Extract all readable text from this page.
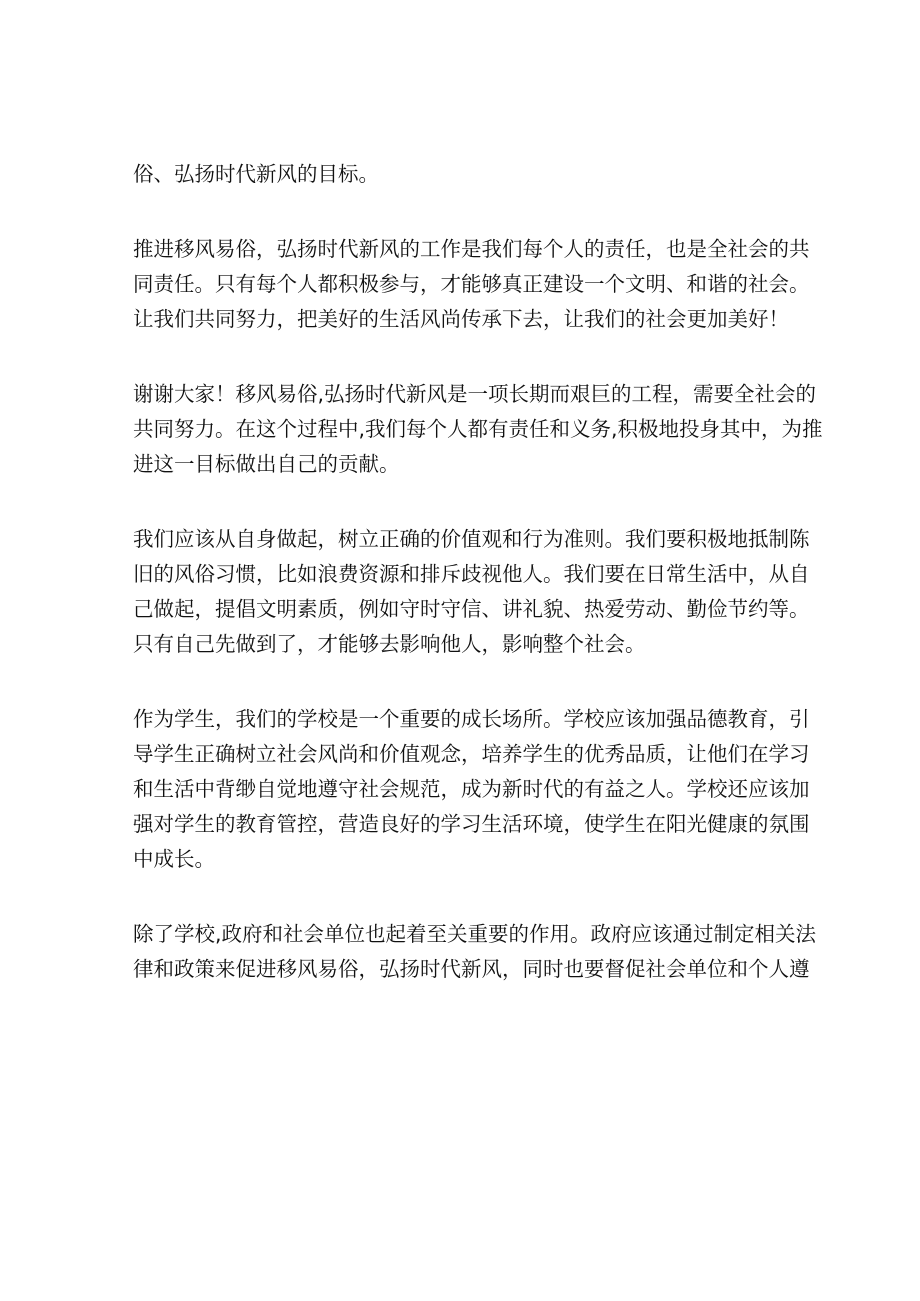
俗、弘扬时代新风的目标。
推进移风易俗，弘扬时代新风的工作是我们每个人的责任，也是全社会的共
同责任。只有每个人都积极参与，才能够真正建设一个文明、和谐的社会。
让我们共同努力，把美好的生活风尚传承下去，让我们的社会更加美好！
谢谢大家！移风易俗,弘扬时代新风是一项长期而艰巨的工程，需要全社会的
共同努力。在这个过程中,我们每个人都有责任和义务,积极地投身其中，为推
进这一目标做出自己的贡献。
我们应该从自身做起，树立正确的价值观和行为准则。我们要积极地抵制陈
旧的风俗习惯，比如浪费资源和排斥歧视他人。我们要在日常生活中，从自
己做起，提倡文明素质，例如守时守信、讲礼貌、热爱劳动、勤俭节约等。
只有自己先做到了，才能够去影响他人，影响整个社会。
作为学生，我们的学校是一个重要的成长场所。学校应该加强品德教育，引
导学生正确树立社会风尚和价值观念，培养学生的优秀品质，让他们在学习
和生活中背缈自觉地遵守社会规范，成为新时代的有益之人。学校还应该加
强对学生的教育管控，营造良好的学习生活环境，使学生在阳光健康的氛围
中成长。
除了学校,政府和社会单位也起着至关重要的作用。政府应该通过制定相关法
律和政策来促进移风易俗，弘扬时代新风，同时也要督促社会单位和个人遵
